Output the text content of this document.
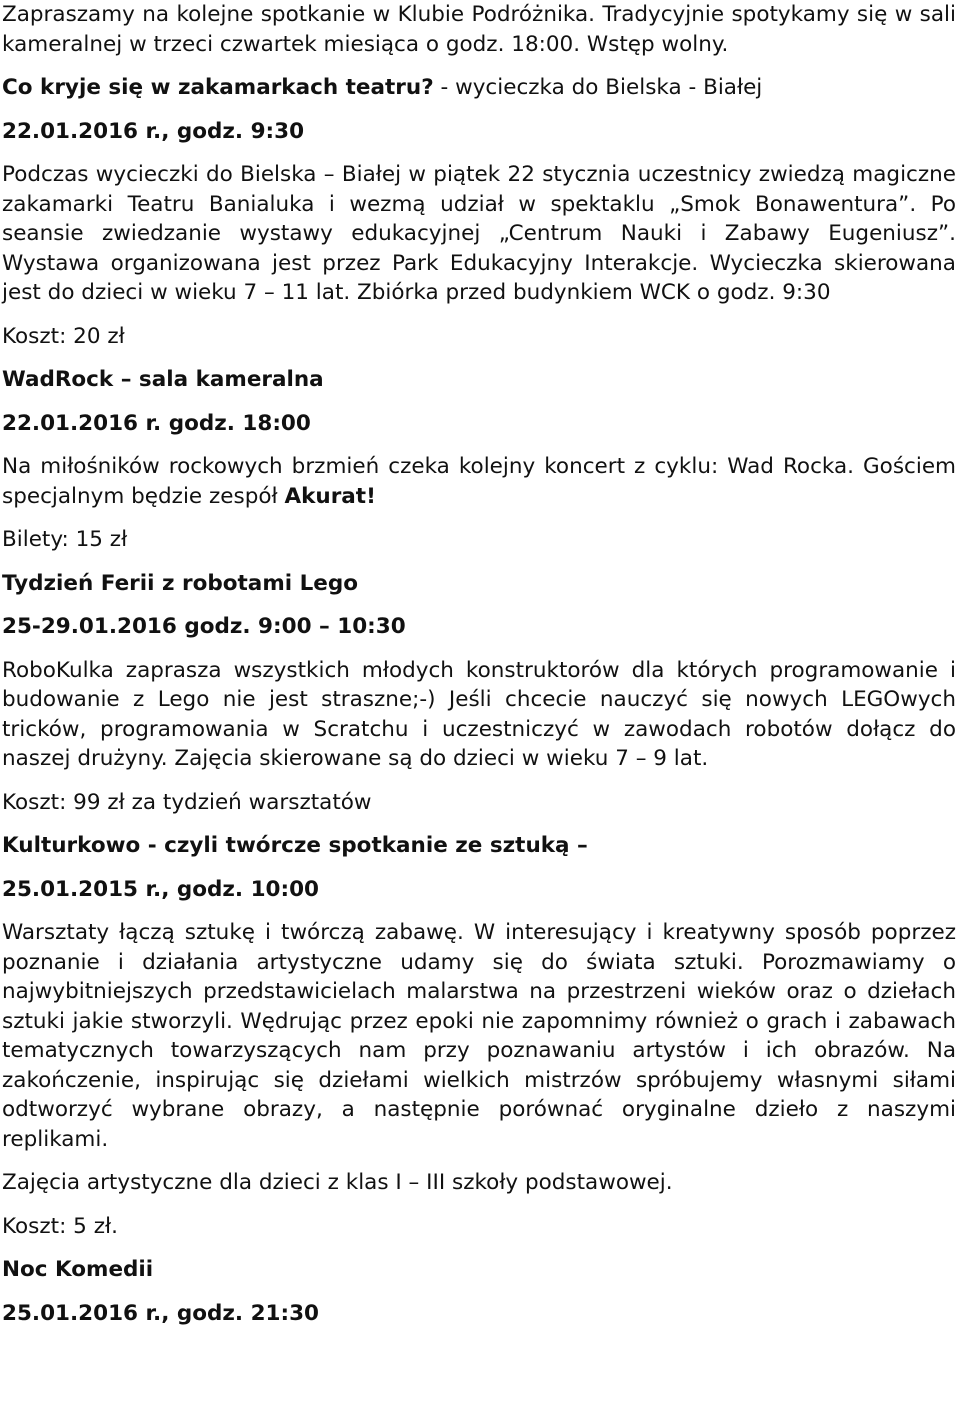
Zapraszamy na kolejne spotkanie w Klubie Podróżnika. Tradycyjnie spotykamy się w sali kameralnej w trzeci czwartek miesiąca o godz. 18:00. Wstęp wolny.

Co kryje się w zakamarkach teatru? - wycieczka do Bielska - Białej

22.01.2016 r., godz. 9:30

Podczas wycieczki do Bielska – Białej w piątek 22 stycznia uczestnicy zwiedzą magiczne zakamarki Teatru Banialuka i wezmą udział w spektaklu „Smok Bonawentura”. Po seansie zwiedzanie wystawy edukacyjnej „Centrum Nauki i Zabawy Eugeniusz”. Wystawa organizowana jest przez Park Edukacyjny Interakcje. Wycieczka skierowana jest do dzieci w wieku 7 – 11 lat. Zbiórka przed budynkiem WCK o godz. 9:30

Koszt: 20 zł

WadRock – sala kameralna

22.01.2016 r. godz. 18:00

Na miłośników rockowych brzmień czeka kolejny koncert z cyklu: Wad Rocka. Gościem specjalnym będzie zespół Akurat!

Bilety: 15 zł

Tydzień Ferii z robotami Lego

25-29.01.2016 godz. 9:00 – 10:30

RoboKulka zaprasza wszystkich młodych konstruktorów dla których programowanie i budowanie z Lego nie jest straszne;-) Jeśli chcecie nauczyć się nowych LEGOwych tricków, programowania w Scratchu i uczestniczyć w zawodach robotów dołącz do naszej drużyny. Zajęcia skierowane są do dzieci w wieku 7 – 9 lat.

Koszt: 99 zł za tydzień warsztatów

Kulturkowo - czyli twórcze spotkanie ze sztuką –

25.01.2015 r., godz. 10:00

Warsztaty łączą sztukę i twórczą zabawę. W interesujący i kreatywny sposób poprzez poznanie i działania artystyczne udamy się do świata sztuki. Porozmawiamy o najwybitniejszych przedstawicielach malarstwa na przestrzeni wieków oraz o dziełach sztuki jakie stworzyli. Wędrując przez epoki nie zapomnimy również o grach i zabawach tematycznych towarzyszących nam przy poznawaniu artystów i ich obrazów. Na zakończenie, inspirując się dziełami wielkich mistrzów spróbujemy własnymi siłami odtworzyć wybrane obrazy, a następnie porównać oryginalne dzieło z naszymi replikami.

Zajęcia artystyczne dla dzieci z klas I – III szkoły podstawowej.

Koszt: 5 zł.

Noc Komedii

25.01.2016 r., godz. 21:30
